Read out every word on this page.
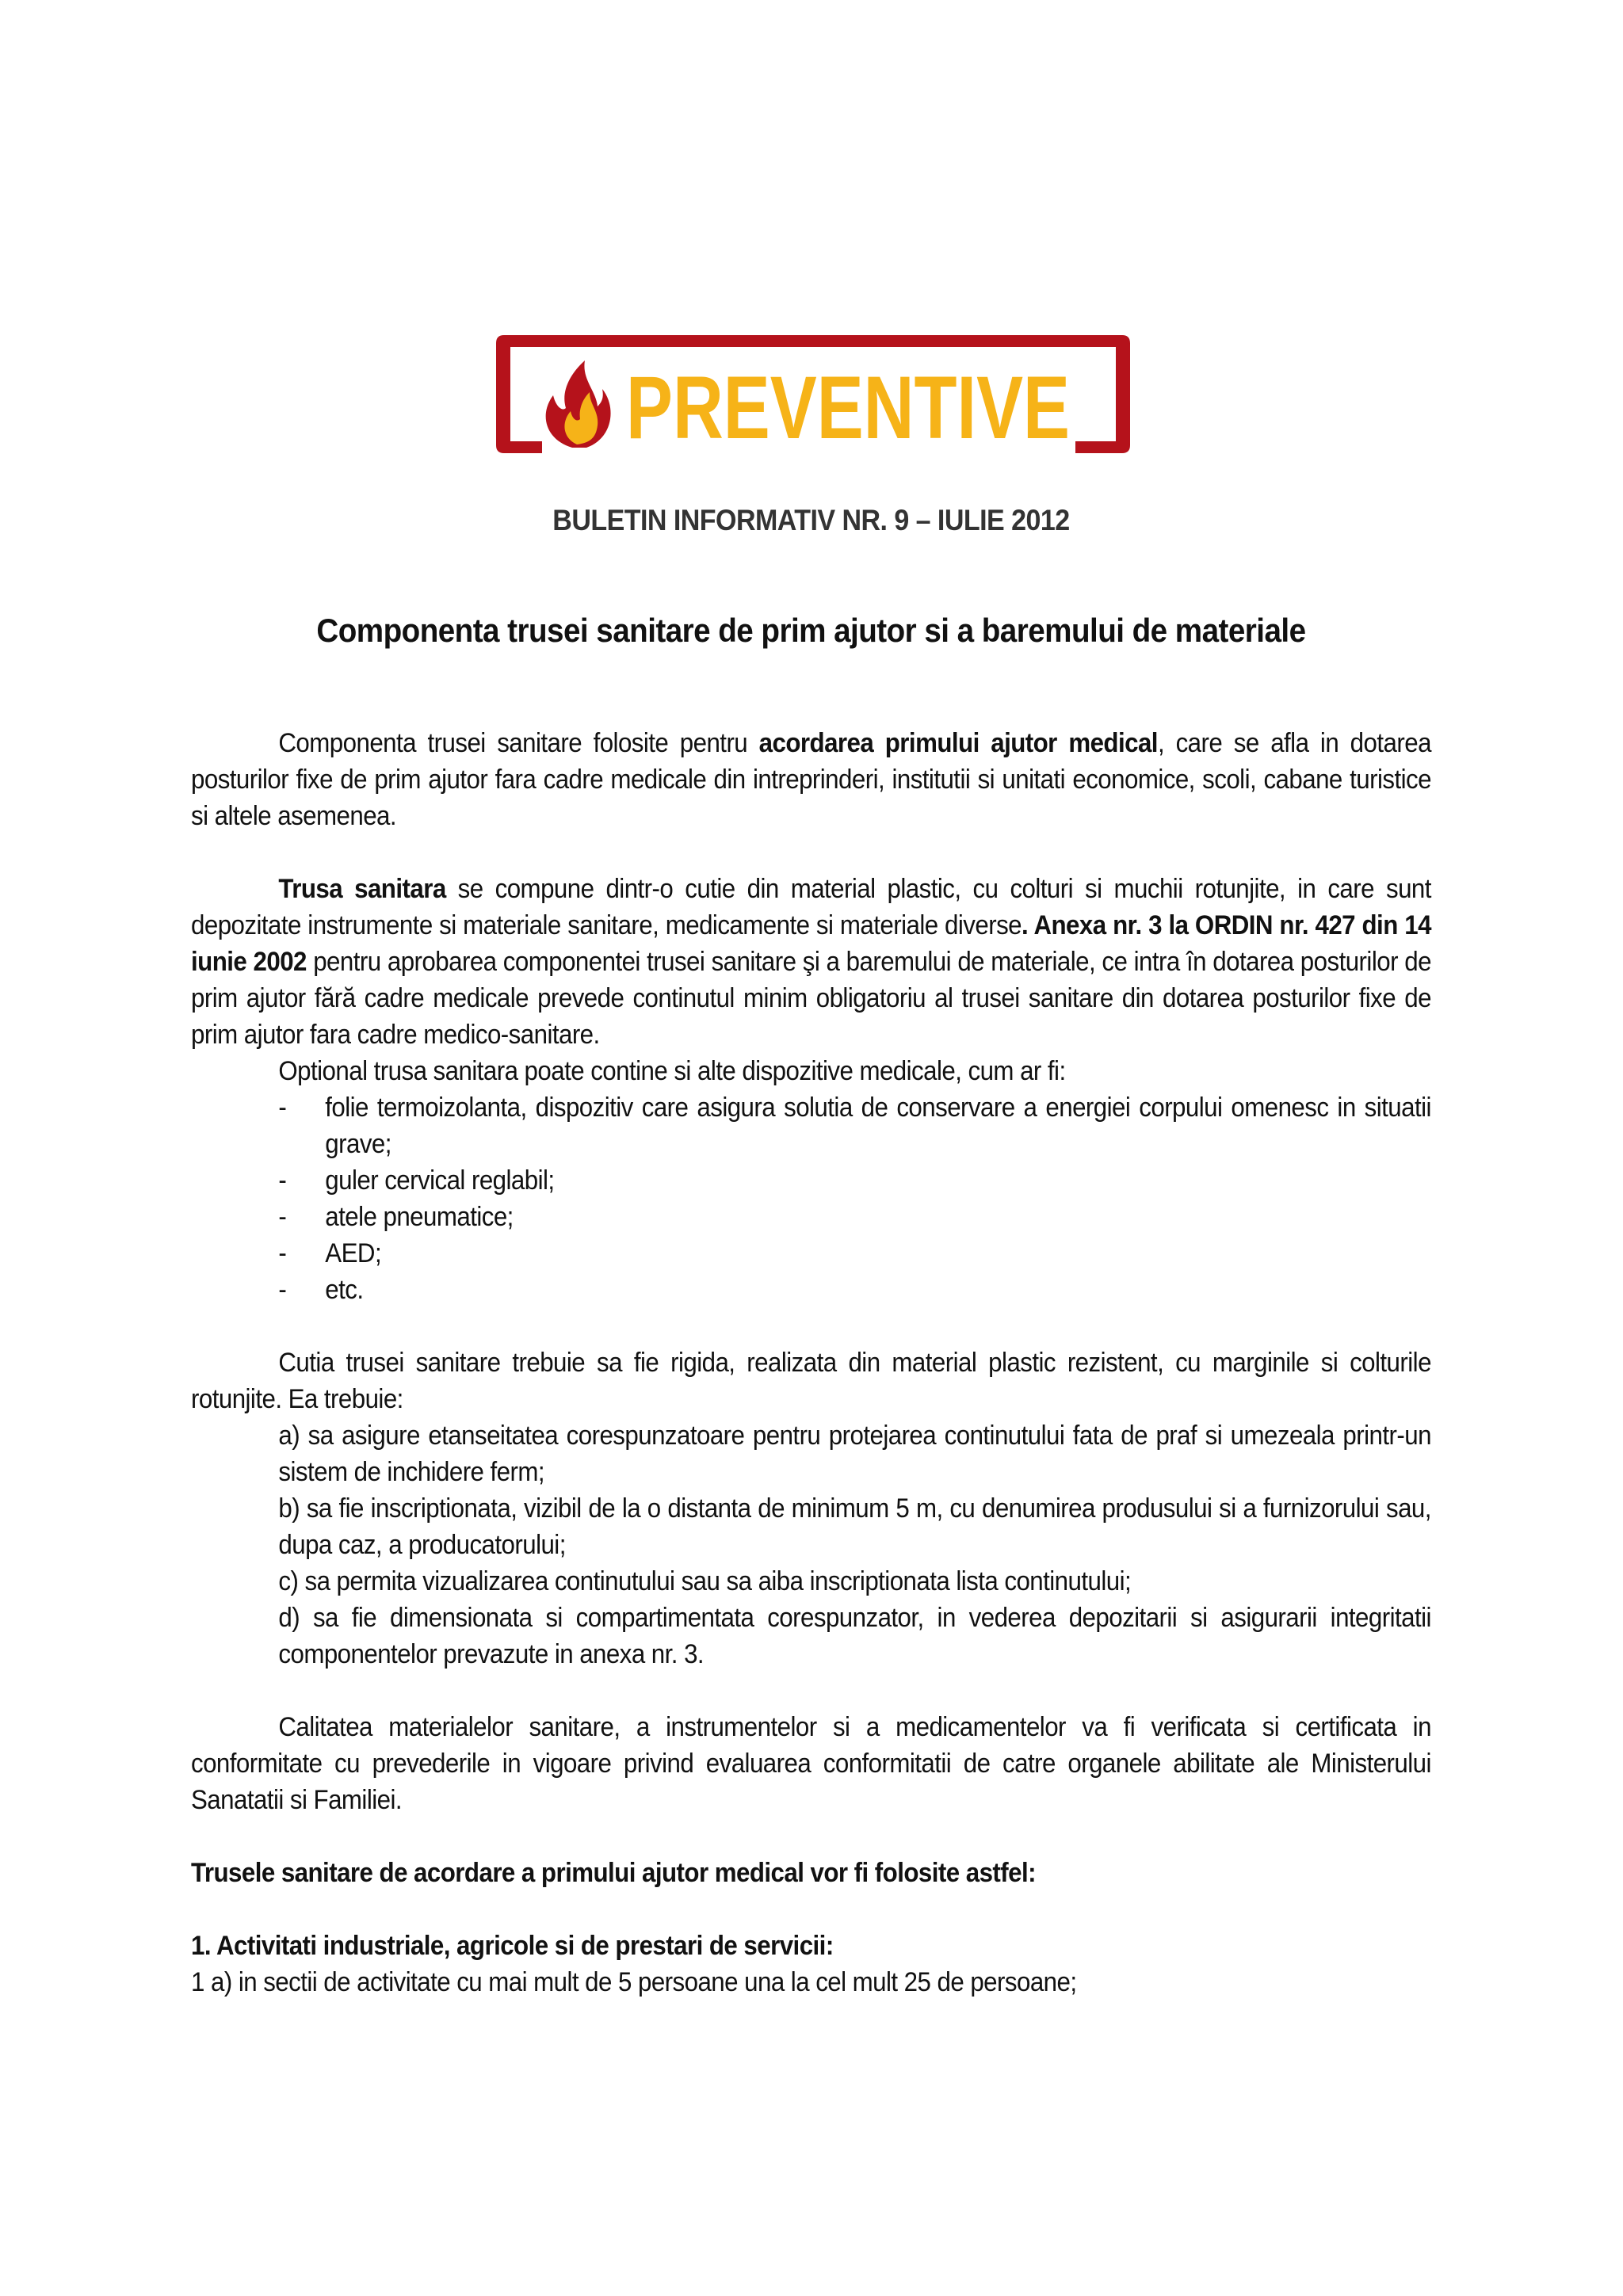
PREVENTIVE
BULETIN INFORMATIV NR. 9 – IULIE 2012
Componenta trusei sanitare de prim ajutor si a baremului de materiale

Componenta trusei sanitare folosite pentru acordarea primului ajutor medical, care se afla in dotarea posturilor fixe de prim ajutor fara cadre medicale din intreprinderi, institutii si unitati economice, scoli, cabane turistice si altele asemenea.

Trusa sanitara se compune dintr-o cutie din material plastic, cu colturi si muchii rotunjite, in care sunt depozitate instrumente si materiale sanitare, medicamente si materiale diverse. Anexa nr. 3 la ORDIN nr. 427 din 14 iunie 2002 pentru aprobarea componentei trusei sanitare şi a baremului de materiale, ce intra în dotarea posturilor de prim ajutor fără cadre medicale prevede continutul minim obligatoriu al trusei sanitare din dotarea posturilor fixe de prim ajutor fara cadre medico-sanitare.

Optional trusa sanitara poate contine si alte dispozitive medicale, cum ar fi:

- folie termoizolanta, dispozitiv care asigura solutia de conservare a energiei corpului omenesc in situatii grave;
- guler cervical reglabil;
- atele pneumatice;
- AED;
- etc.

Cutia trusei sanitare trebuie sa fie rigida, realizata din material plastic rezistent, cu marginile si colturile rotunjite. Ea trebuie:

a) sa asigure etanseitatea corespunzatoare pentru protejarea continutului fata de praf si umezeala printr-un sistem de inchidere ferm;

b) sa fie inscriptionata, vizibil de la o distanta de minimum 5 m, cu denumirea produsului si a furnizorului sau, dupa caz, a producatorului;

c) sa permita vizualizarea continutului sau sa aiba inscriptionata lista continutului;

d) sa fie dimensionata si compartimentata corespunzator, in vederea depozitarii si asigurarii integritatii componentelor prevazute in anexa nr. 3.

Calitatea materialelor sanitare, a instrumentelor si a medicamentelor va fi verificata si certificata in conformitate cu prevederile in vigoare privind evaluarea conformitatii de catre organele abilitate ale Ministerului Sanatatii si Familiei.

Trusele sanitare de acordare a primului ajutor medical vor fi folosite astfel:

1. Activitati industriale, agricole si de prestari de servicii:

1 a) in sectii de activitate cu mai mult de 5 persoane una la cel mult 25 de persoane;
